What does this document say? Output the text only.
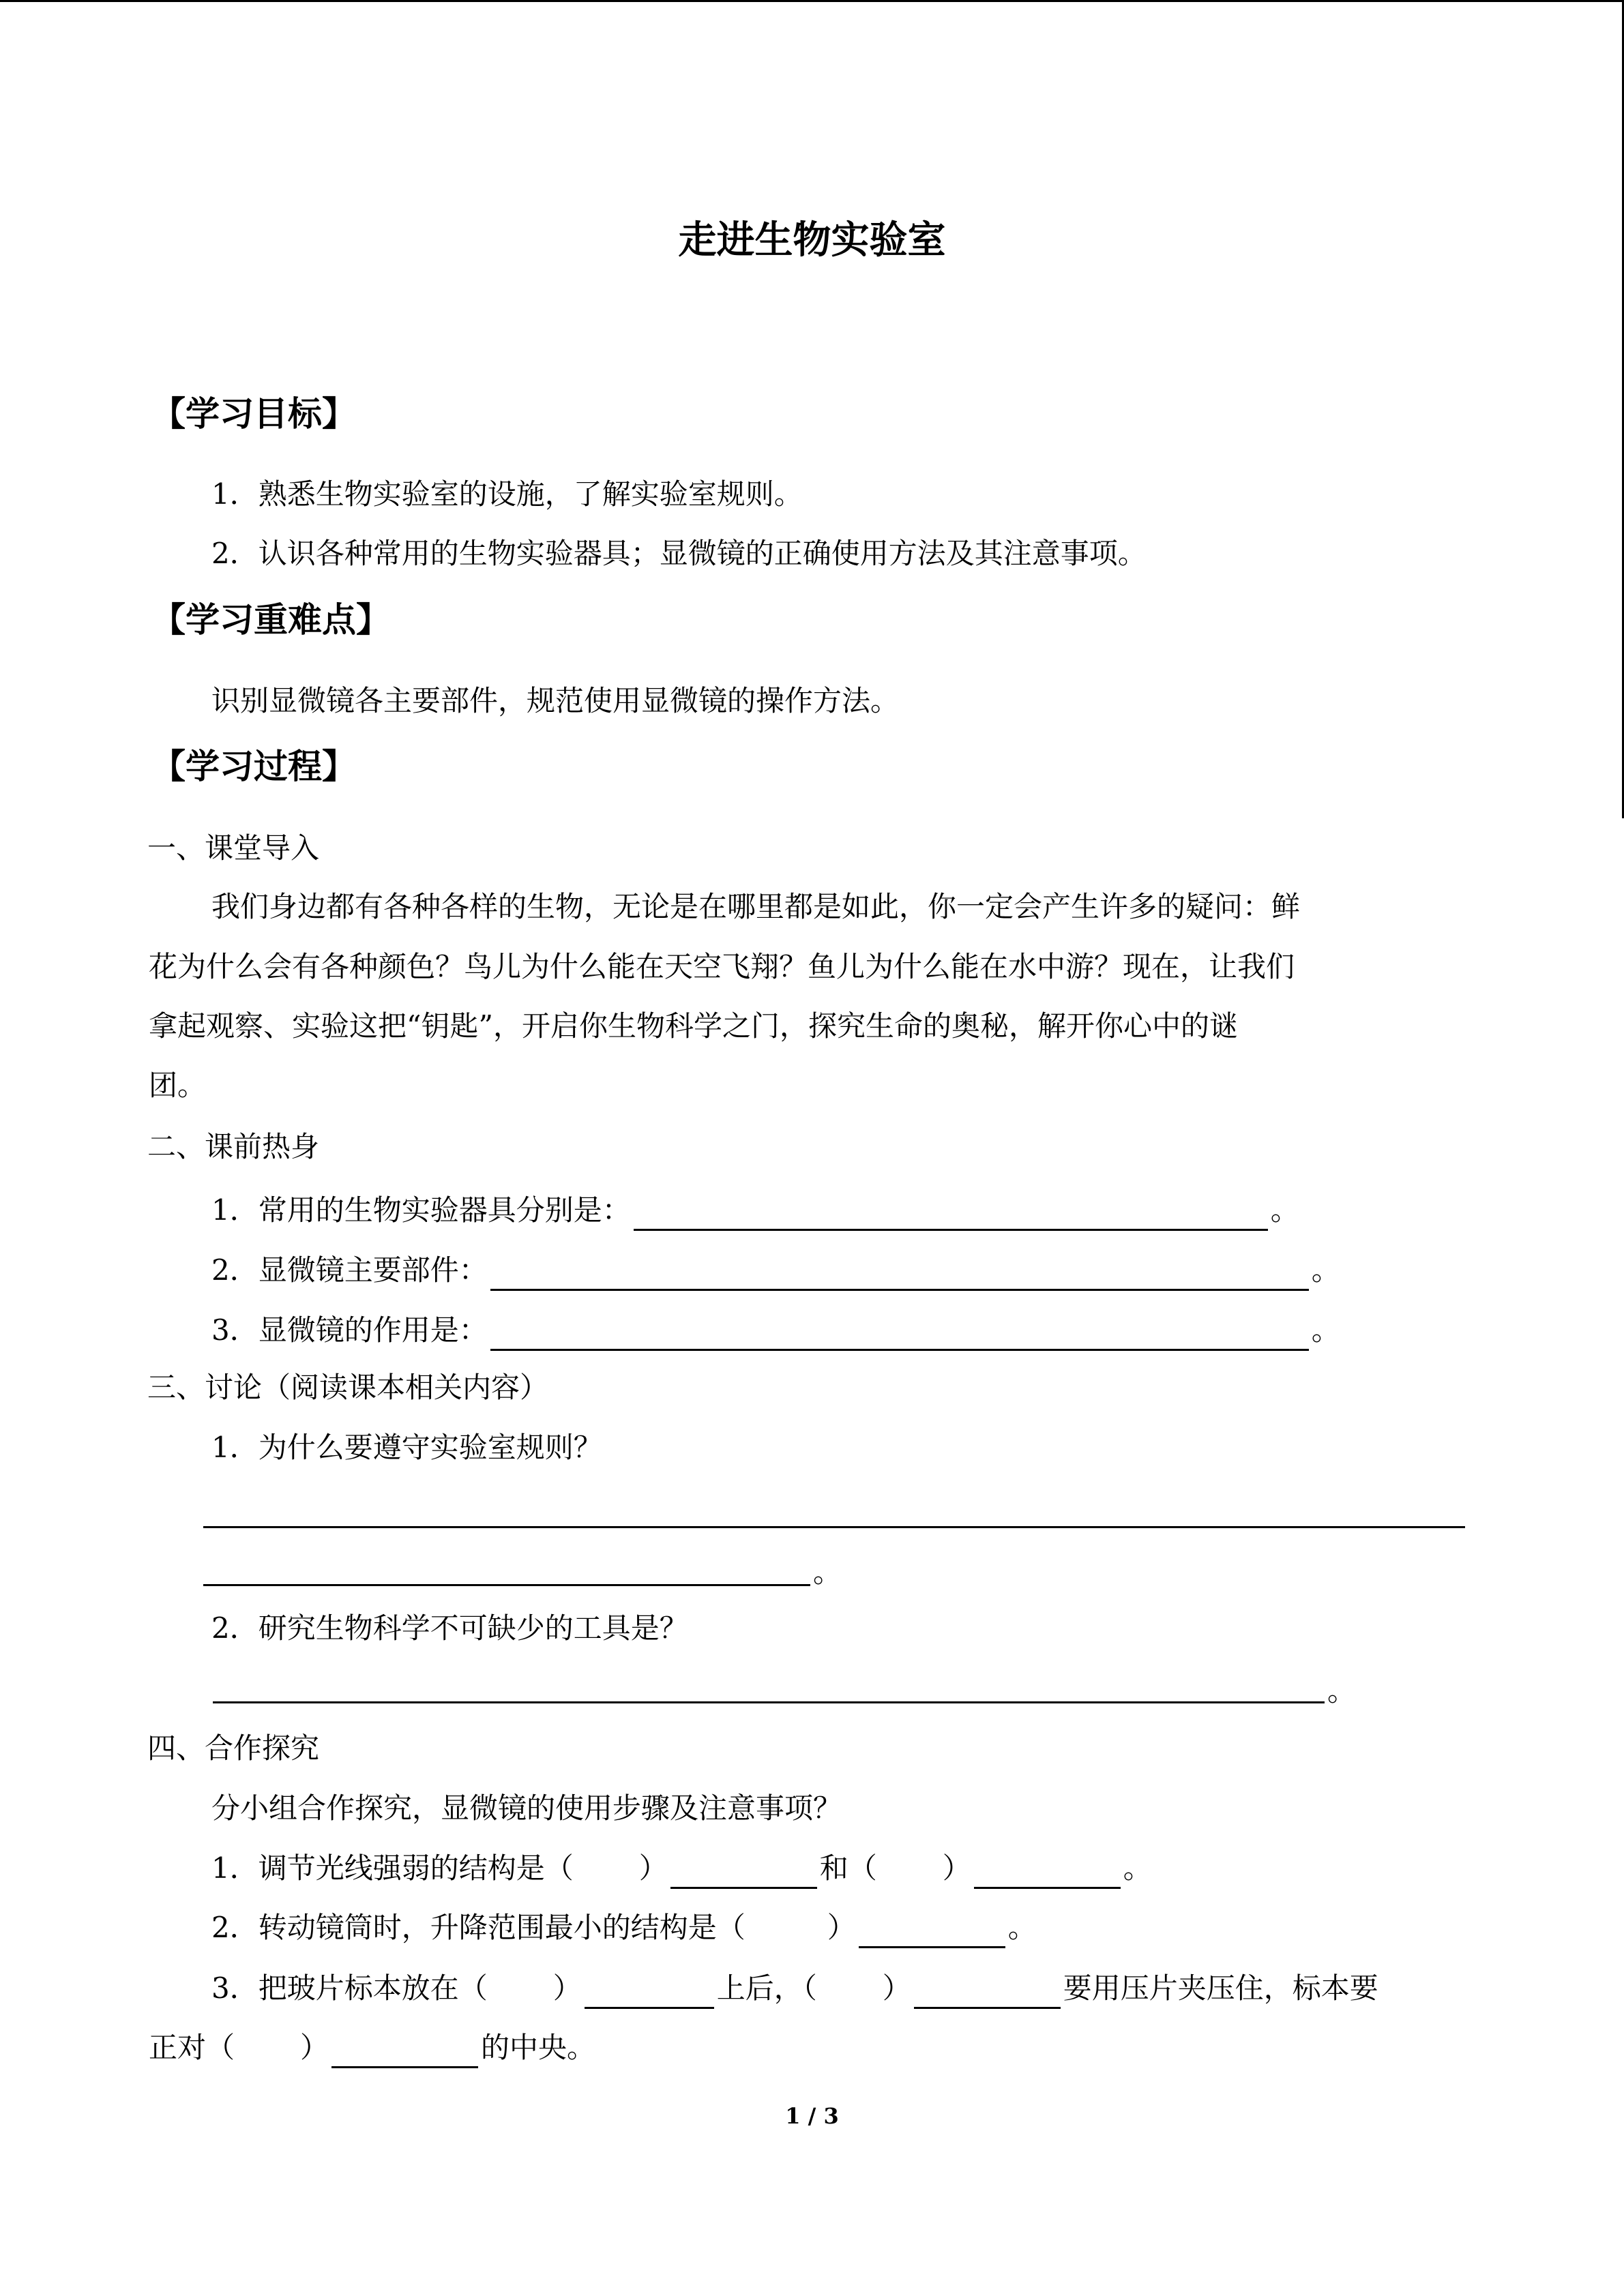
走进生物实验室
【学习目标】
1．熟悉生物实验室的设施，了解实验室规则。
2．认识各种常用的生物实验器具；显微镜的正确使用方法及其注意事项。
【学习重难点】
识别显微镜各主要部件，规范使用显微镜的操作方法。
【学习过程】
一、课堂导入
我们身边都有各种各样的生物，无论是在哪里都是如此，你一定会产生许多的疑问：鲜
花为什么会有各种颜色？鸟儿为什么能在天空飞翔？鱼儿为什么能在水中游？现在，让我们
拿起观察、实验这把“钥匙”，开启你生物科学之门，探究生命的奥秘，解开你心中的谜
团。
二、课前热身
1．常用的生物实验器具分别是：	。
2．显微镜主要部件：	。
3．显微镜的作用是：	。
三、讨论（阅读课本相关内容）
1．为什么要遵守实验室规则？
。
2．研究生物科学不可缺少的工具是？
。
四、合作探究
分小组合作探究，显微镜的使用步骤及注意事项？
1．调节光线强弱的结构是（ ）	和（ ）	。
2．转动镜筒时，升降范围最小的结构是（	）	。
3．把玻片标本放在（ ）	上后，（ ）	要用压片夹压住，标本要
正对（ ）	的中央。
1 / 3
